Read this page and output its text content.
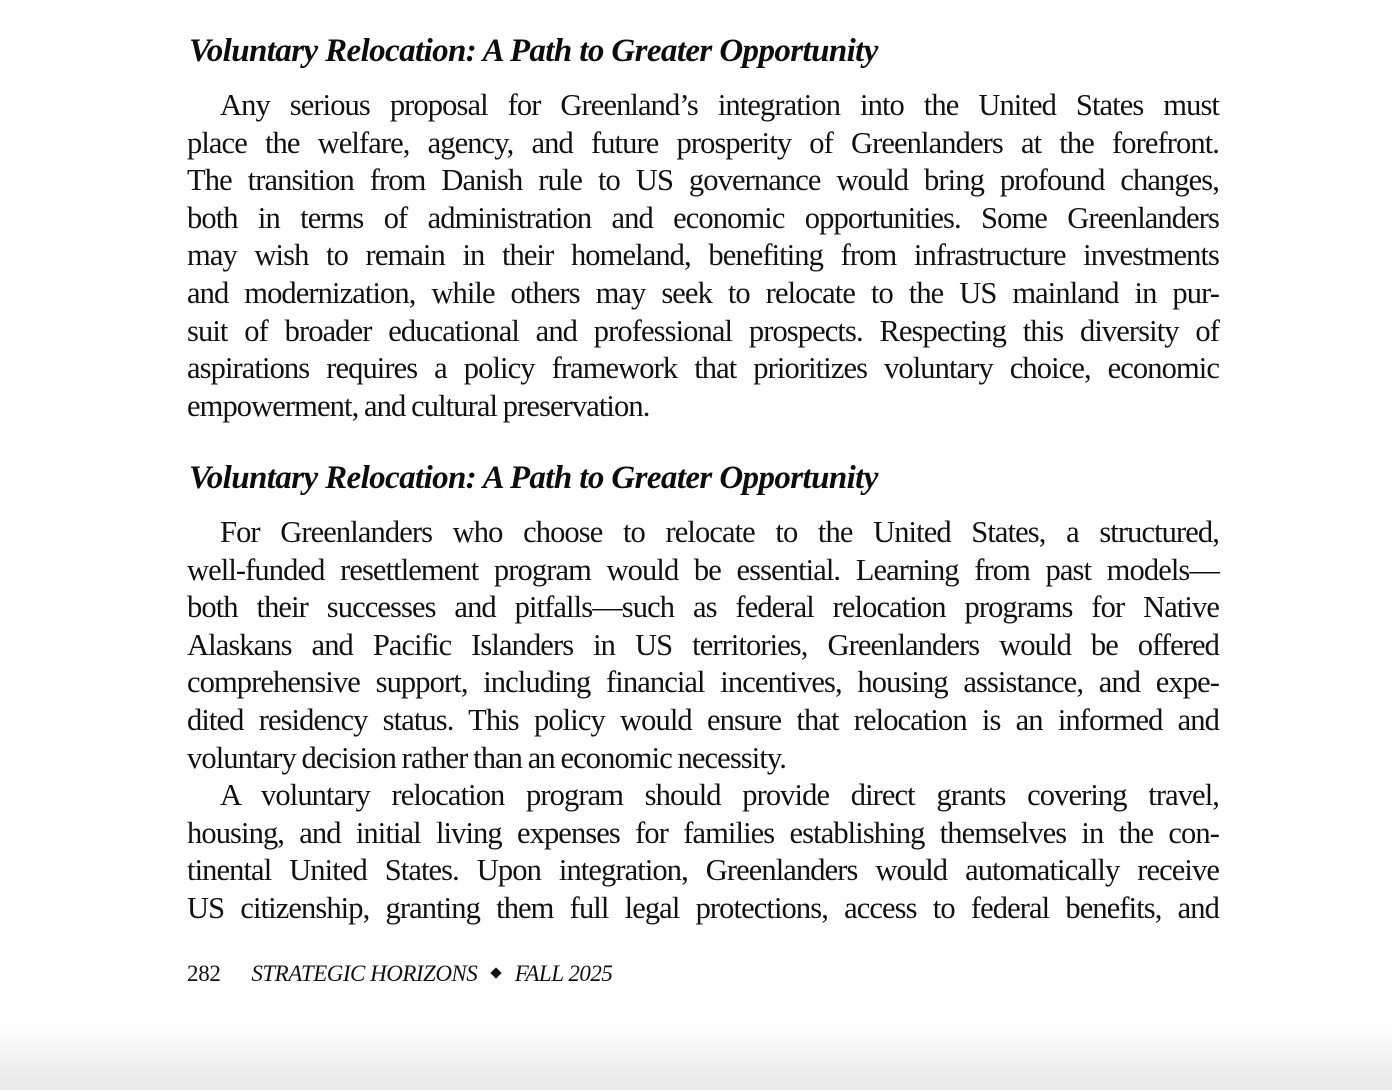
Voluntary Relocation: A Path to Greater Opportunity
Any serious proposal for Greenland’s integration into the United States must
place the welfare, agency, and future prosperity of Greenlanders at the forefront.
The transition from Danish rule to US governance would bring profound changes,
both in terms of administration and economic opportunities. Some Greenlanders
may wish to remain in their homeland, benefiting from infrastructure investments
and modernization, while others may seek to relocate to the US mainland in pur-
suit of broader educational and professional prospects. Respecting this diversity of
aspirations requires a policy framework that prioritizes voluntary choice, economic
empowerment, and cultural preservation.
Voluntary Relocation: A Path to Greater Opportunity
For Greenlanders who choose to relocate to the United States, a structured,
well-funded resettlement program would be essential. Learning from past models—
both their successes and pitfalls—such as federal relocation programs for Native
Alaskans and Pacific Islanders in US territories, Greenlanders would be offered
comprehensive support, including financial incentives, housing assistance, and expe-
dited residency status. This policy would ensure that relocation is an informed and
voluntary decision rather than an economic necessity.
A voluntary relocation program should provide direct grants covering travel,
housing, and initial living expenses for families establishing themselves in the con-
tinental United States. Upon integration, Greenlanders would automatically receive
US citizenship, granting them full legal protections, access to federal benefits, and
282 STRATEGIC HORIZONS FALL 2025
